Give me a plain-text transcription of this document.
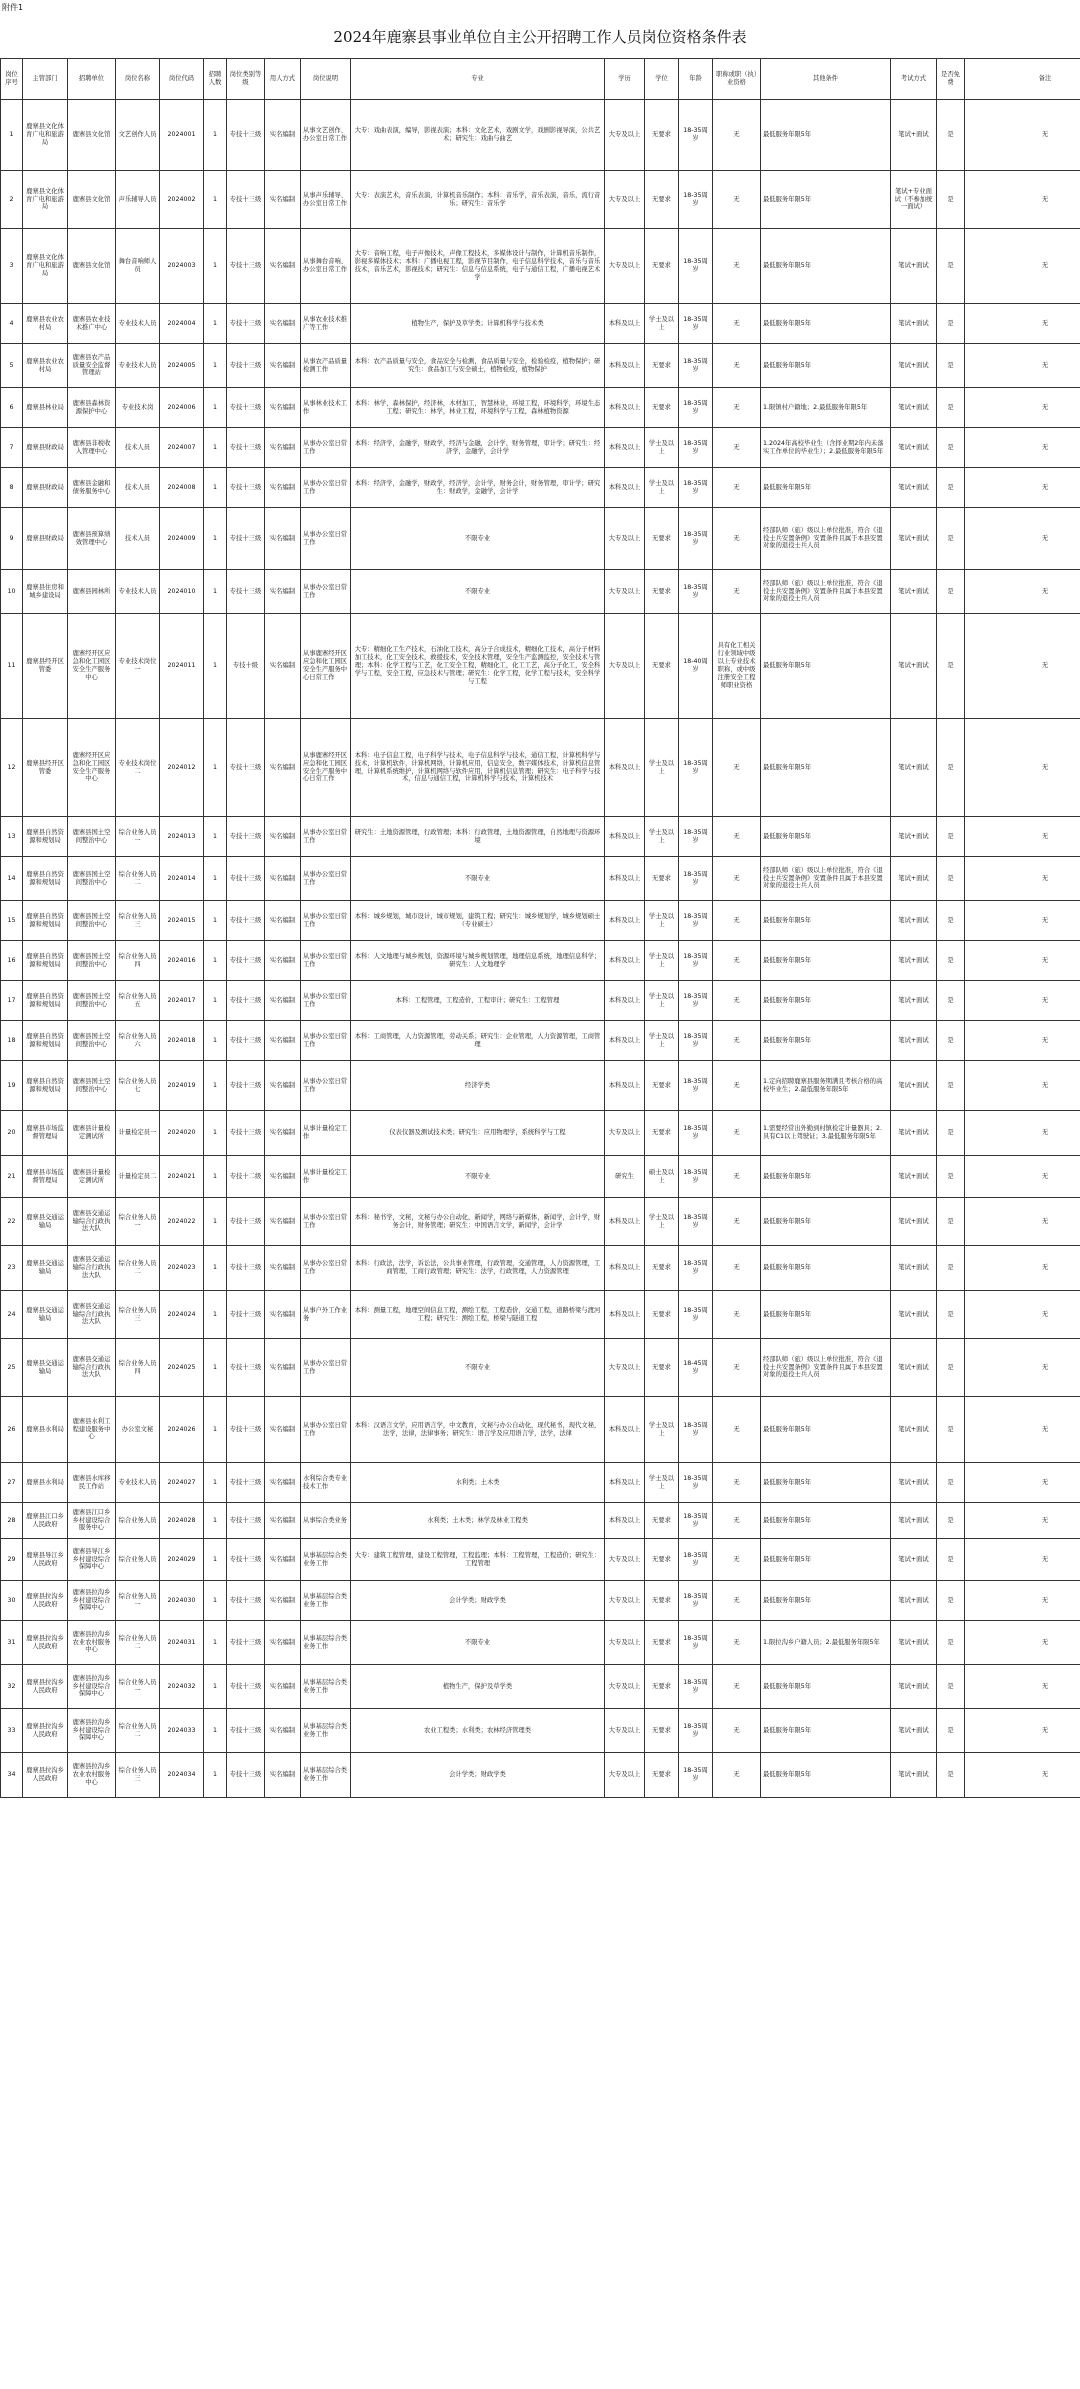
附件1
2024年鹿寨县事业单位自主公开招聘工作人员岗位资格条件表
岗位序号	主管部门	招聘单位	岗位名称	岗位代码	招聘人数	岗位类别等级	用人方式	岗位说明	专业	学历	学位	年龄	职称或职（执）业资格	其他条件	考试方式	是否免费	备注
1	鹿寨县文化体育广电和旅游局	鹿寨县文化馆	文艺创作人员	2024001	1	专技十三级	实名编制	从事文艺创作、办公室日常工作	大专：戏曲表演，编导，影视表演；本科：文化艺术，戏剧文学，戏剧影视导演，公共艺术；研究生：戏曲与曲艺	大专及以上	无要求	18-35周岁	无	最低服务年限5年	笔试+面试	是	无
2	鹿寨县文化体育广电和旅游局	鹿寨县文化馆	声乐辅导人员	2024002	1	专技十三级	实名编制	从事声乐辅导、办公室日常工作	大专：表演艺术，音乐表演，计算机音乐制作；本科：音乐学，音乐表演，音乐，流行音乐；研究生：音乐学	大专及以上	无要求	18-35周岁	无	最低服务年限5年	笔试+专业面试（不参加统一面试）	是	无
3	鹿寨县文化体育广电和旅游局	鹿寨县文化馆	舞台音响师人员	2024003	1	专技十三级	实名编制	从事舞台音响、办公室日常工作	大专：音响工程，电子声像技术，声像工程技术，多媒体设计与制作，计算机音乐制作，影视多媒体技术；本科：广播电视工程，影视节目制作，电子信息科学技术，音乐与音乐技术，音乐艺术，影视技术；研究生：信息与信息系统，电子与通信工程，广播电视艺术学	大专及以上	无要求	18-35周岁	无	最低服务年限5年	笔试+面试	是	无
4	鹿寨县农业农村局	鹿寨县农业技术推广中心	专业技术人员	2024004	1	专技十三级	实名编制	从事农业技术推广等工作	植物生产，保护及草学类；计算机科学与技术类	本科及以上	学士及以上	18-35周岁	无	最低服务年限5年	笔试+面试	是	无
5	鹿寨县农业农村局	鹿寨县农产品质量安全监督管理站	专业技术人员	2024005	1	专技十三级	实名编制	从事农产品质量检测工作	本科：农产品质量与安全，食品安全与检测，食品质量与安全，检验检疫，植物保护；研究生：食品加工与安全硕士，植物检疫，植物保护	本科及以上	无要求	18-35周岁	无	最低服务年限5年	笔试+面试	是	无
6	鹿寨县林业局	鹿寨县森林资源保护中心	专业技术岗	2024006	1	专技十三级	实名编制	从事林业技术工作	本科：林学，森林保护，经济林，木材加工，智慧林业，环境工程，环境科学，环境生态工程；研究生：林学，林业工程，环境科学与工程，森林植物资源	本科及以上	无要求	18-35周岁	无	1.限镇村户籍地；2.最低服务年限5年	笔试+面试	是	无
7	鹿寨县财政局	鹿寨县非税收入管理中心	技术人员	2024007	1	专技十三级	实名编制	从事办公室日常工作	本科：经济学，金融学，财政学，经济与金融，会计学，财务管理，审计学；研究生：经济学，金融学，会计学	本科及以上	学士及以上	18-35周岁	无	1.2024年高校毕业生（含择业期2年内未落实工作单位的毕业生）；2.最低服务年限5年	笔试+面试	是	无
8	鹿寨县财政局	鹿寨县金融和债务服务中心	技术人员	2024008	1	专技十三级	实名编制	从事办公室日常工作	本科：经济学，金融学，财政学，经济学，会计学，财务会计，财务管理，审计学；研究生：财政学，金融学，会计学	本科及以上	学士及以上	18-35周岁	无	最低服务年限5年	笔试+面试	是	无
9	鹿寨县财政局	鹿寨县预算绩效管理中心	技术人员	2024009	1	专技十三级	实名编制	从事办公室日常工作	不限专业	大专及以上	无要求	18-35周岁	无	经部队师（旅）级以上单位批准，符合《退役士兵安置条例》安置条件且属于本县安置对象的退役士兵人员	笔试+面试	是	无
10	鹿寨县住房和城乡建设局	鹿寨县园林所	专业技术人员	2024010	1	专技十三级	实名编制	从事办公室日常工作	不限专业	大专及以上	无要求	18-35周岁	无	经部队师（旅）级以上单位批准，符合《退役士兵安置条例》安置条件且属于本县安置对象的退役士兵人员	笔试+面试	是	无
11	鹿寨县经开区管委	鹿寨经开区应急和化工园区安全生产服务中心	专业技术岗位一	2024011	1	专技十级	实名编制	从事鹿寨经开区应急和化工园区安全生产服务中心日常工作	大专：精细化工生产技术，石油化工技术，高分子合成技术，精细化工技术，高分子材料加工技术，化工安全技术，救援技术，安全技术管理，安全生产监测监控，安全技术与管理；本科：化学工程与工艺，化工安全工程，精细化工，化工工艺，高分子化工，安全科学与工程，安全工程，应急技术与管理；研究生：化学工程，化学工程与技术，安全科学与工程	大专及以上	无要求	18-40周岁	具有化工相关行业领域中级以上专业技术职称，或中级注册安全工程师职业资格	最低服务年限5年	笔试+面试	是	无
12	鹿寨县经开区管委	鹿寨经开区应急和化工园区安全生产服务中心	专业技术岗位二	2024012	1	专技十三级	实名编制	从事鹿寨经开区应急和化工园区安全生产服务中心日常工作	本科：电子信息工程，电子科学与技术，电子信息科学与技术，通信工程，计算机科学与技术，计算机软件，计算机网络，计算机应用，信息安全，数字媒体技术，计算机信息管理，计算机系统维护，计算机网络与软件应用，计算机信息管理；研究生：电子科学与技术，信息与通信工程，计算机科学与技术，计算机技术	本科及以上	学士及以上	18-35周岁	无	最低服务年限5年	笔试+面试	是	无
13	鹿寨县自然资源和规划局	鹿寨县国土空间整治中心	综合业务人员一	2024013	1	专技十三级	实名编制	从事办公室日常工作	研究生：土地资源管理，行政管理；本科：行政管理，土地资源管理，自然地理与资源环境	本科及以上	学士及以上	18-35周岁	无	最低服务年限5年	笔试+面试	是	无
14	鹿寨县自然资源和规划局	鹿寨县国土空间整治中心	综合业务人员二	2024014	1	专技十三级	实名编制	从事办公室日常工作	不限专业	本科及以上	无要求	18-35周岁	无	经部队师（旅）级以上单位批准，符合《退役士兵安置条例》安置条件且属于本县安置对象的退役士兵人员	笔试+面试	是	无
15	鹿寨县自然资源和规划局	鹿寨县国土空间整治中心	综合业务人员三	2024015	1	专技十三级	实名编制	从事办公室日常工作	本科：城乡规划，城市设计，城市规划，建筑工程；研究生：城乡规划学，城乡规划硕士（专业硕士）	本科及以上	学士及以上	18-35周岁	无	最低服务年限5年	笔试+面试	是	无
16	鹿寨县自然资源和规划局	鹿寨县国土空间整治中心	综合业务人员四	2024016	1	专技十三级	实名编制	从事办公室日常工作	本科：人文地理与城乡规划，资源环境与城乡规划管理，地理信息系统，地理信息科学；研究生：人文地理学	本科及以上	学士及以上	18-35周岁	无	最低服务年限5年	笔试+面试	是	无
17	鹿寨县自然资源和规划局	鹿寨县国土空间整治中心	综合业务人员五	2024017	1	专技十三级	实名编制	从事办公室日常工作	本科：工程管理，工程造价，工程审计；研究生：工程管理	本科及以上	学士及以上	18-35周岁	无	最低服务年限5年	笔试+面试	是	无
18	鹿寨县自然资源和规划局	鹿寨县国土空间整治中心	综合业务人员六	2024018	1	专技十三级	实名编制	从事办公室日常工作	本科：工商管理，人力资源管理，劳动关系；研究生：企业管理，人力资源管理，工商管理	本科及以上	学士及以上	18-35周岁	无	最低服务年限5年	笔试+面试	是	无
19	鹿寨县自然资源和规划局	鹿寨县国土空间整治中心	综合业务人员七	2024019	1	专技十三级	实名编制	从事办公室日常工作	经济学类	本科及以上	无要求	18-35周岁	无	1.定向招聘鹿寨县服务期满且考核合格的高校毕业生；2.最低服务年限5年	笔试+面试	是	无
20	鹿寨县市场监督管理局	鹿寨县计量检定测试所	计量检定员一	2024020	1	专技十三级	实名编制	从事计量检定工作	仪表仪器及测试技术类；研究生：应用物理学，系统科学与工程	大专及以上	无要求	18-35周岁	无	1.需要经常出外勤到村镇检定计量器具；2.具有C1以上驾驶证；3.最低服务年限5年	笔试+面试	是	无
21	鹿寨县市场监督管理局	鹿寨县计量检定测试所	计量检定员二	2024021	1	专技十二级	实名编制	从事计量检定工作	不限专业	研究生	硕士及以上	18-35周岁	无	最低服务年限5年	笔试+面试	是	无
22	鹿寨县交通运输局	鹿寨县交通运输综合行政执法大队	综合业务人员一	2024022	1	专技十三级	实名编制	从事办公室日常工作	本科：秘书学，文秘，文秘与办公自动化，新闻学，网络与新媒体，新闻学，会计学，财务会计，财务管理；研究生：中国语言文学，新闻学，会计学	本科及以上	学士及以上	18-35周岁	无	最低服务年限5年	笔试+面试	是	无
23	鹿寨县交通运输局	鹿寨县交通运输综合行政执法大队	综合业务人员二	2024023	1	专技十三级	实名编制	从事办公室日常工作	本科：行政法，法学，诉讼法，公共事业管理，行政管理，交通管理，人力资源管理，工商管理，工商行政管理；研究生：法学，行政管理，人力资源管理	本科及以上	无要求	18-35周岁	无	最低服务年限5年	笔试+面试	是	无
24	鹿寨县交通运输局	鹿寨县交通运输综合行政执法大队	综合业务人员三	2024024	1	专技十三级	实名编制	从事户外工作业务	本科：测量工程，地理空间信息工程，测绘工程，工程造价，交通工程，道路桥梁与渡河工程；研究生：测绘工程，桥梁与隧道工程	本科及以上	无要求	18-35周岁	无	最低服务年限5年	笔试+面试	是	无
25	鹿寨县交通运输局	鹿寨县交通运输综合行政执法大队	综合业务人员四	2024025	1	专技十三级	实名编制	从事办公室日常工作	不限专业	大专及以上	无要求	18-45周岁	无	经部队师（旅）级以上单位批准，符合《退役士兵安置条例》安置条件且属于本县安置对象的退役士兵人员	笔试+面试	是	无
26	鹿寨县水利局	鹿寨县水利工程建设服务中心	办公室文秘	2024026	1	专技十三级	实名编制	从事办公室日常工作	本科：汉语言文学，应用语言学，中文教育，文秘与办公自动化，现代秘书，现代文秘，法学，法律，法律事务；研究生：语言学及应用语言学，法学，法律	本科及以上	学士及以上	18-35周岁	无	最低服务年限5年	笔试+面试	是	无
27	鹿寨县水利局	鹿寨县水库移民工作站	专业技术人员	2024027	1	专技十三级	实名编制	水利综合类专业技术工作	水利类；土木类	本科及以上	学士及以上	18-35周岁	无	最低服务年限5年	笔试+面试	是	无
28	鹿寨县江口乡人民政府	鹿寨县江口乡乡村建设综合服务中心	综合业务人员	2024028	1	专技十三级	实名编制	从事综合类业务	水利类；土木类；林学及林业工程类	本科及以上	无要求	18-35周岁	无	最低服务年限5年	笔试+面试	是	无
29	鹿寨县导江乡人民政府	鹿寨县导江乡乡村建设综合保障中心	综合业务人员	2024029	1	专技十三级	实名编制	从事基层综合类业务工作	大专：建筑工程管理，建设工程管理，工程监理；本科：工程管理，工程造价；研究生：工程管理	大专及以上	无要求	18-35周岁	无	最低服务年限5年	笔试+面试	是	无
30	鹿寨县拉沟乡人民政府	鹿寨县拉沟乡乡村建设综合保障中心	综合业务人员一	2024030	1	专技十三级	实名编制	从事基层综合类业务工作	会计学类；财政学类	大专及以上	无要求	18-35周岁	无	最低服务年限5年	笔试+面试	是	无
31	鹿寨县拉沟乡人民政府	鹿寨县拉沟乡农业农村服务中心	综合业务人员二	2024031	1	专技十三级	实名编制	从事基层综合类业务工作	不限专业	大专及以上	无要求	18-35周岁	无	1.限拉沟乡户籍人员；2.最低服务年限5年	笔试+面试	是	无
32	鹿寨县拉沟乡人民政府	鹿寨县拉沟乡乡村建设综合保障中心	综合业务人员一	2024032	1	专技十三级	实名编制	从事基层综合类业务工作	植物生产，保护及草学类	大专及以上	无要求	18-35周岁	无	最低服务年限5年	笔试+面试	是	无
33	鹿寨县拉沟乡人民政府	鹿寨县拉沟乡乡村建设综合保障中心	综合业务人员二	2024033	1	专技十三级	实名编制	从事基层综合类业务工作	农业工程类；水利类；农林经济管理类	大专及以上	无要求	18-35周岁	无	最低服务年限5年	笔试+面试	是	无
34	鹿寨县拉沟乡人民政府	鹿寨县拉沟乡农业农村服务中心	综合业务人员三	2024034	1	专技十三级	实名编制	从事基层综合类业务工作	会计学类；财政学类	大专及以上	无要求	18-35周岁	无	最低服务年限5年	笔试+面试	是	无
